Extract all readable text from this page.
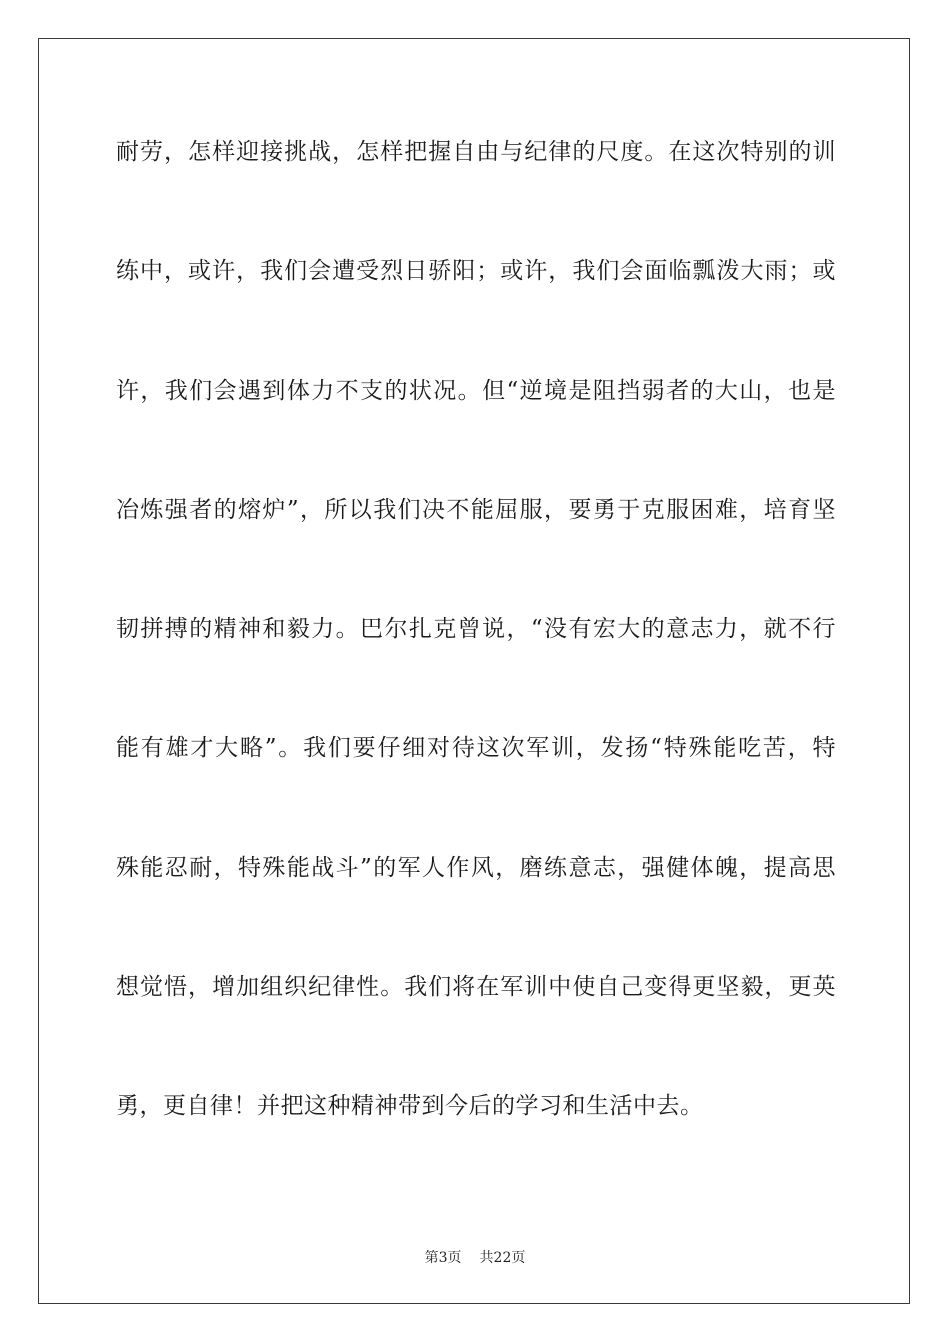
耐劳，怎样迎接挑战，怎样把握自由与纪律的尺度。在这次特别的训
练中，或许，我们会遭受烈日骄阳；或许，我们会面临瓢泼大雨；或
许，我们会遇到体力不支的状况。但“逆境是阻挡弱者的大山，也是
冶炼强者的熔炉”，所以我们决不能屈服，要勇于克服困难，培育坚
韧拼搏的精神和毅力。巴尔扎克曾说，“没有宏大的意志力，就不行
能有雄才大略”。我们要仔细对待这次军训，发扬“特殊能吃苦，特
殊能忍耐，特殊能战斗”的军人作风，磨练意志，强健体魄，提高思
想觉悟，增加组织纪律性。我们将在军训中使自己变得更坚毅，更英
勇，更自律！并把这种精神带到今后的学习和生活中去。
第3页 共22页
